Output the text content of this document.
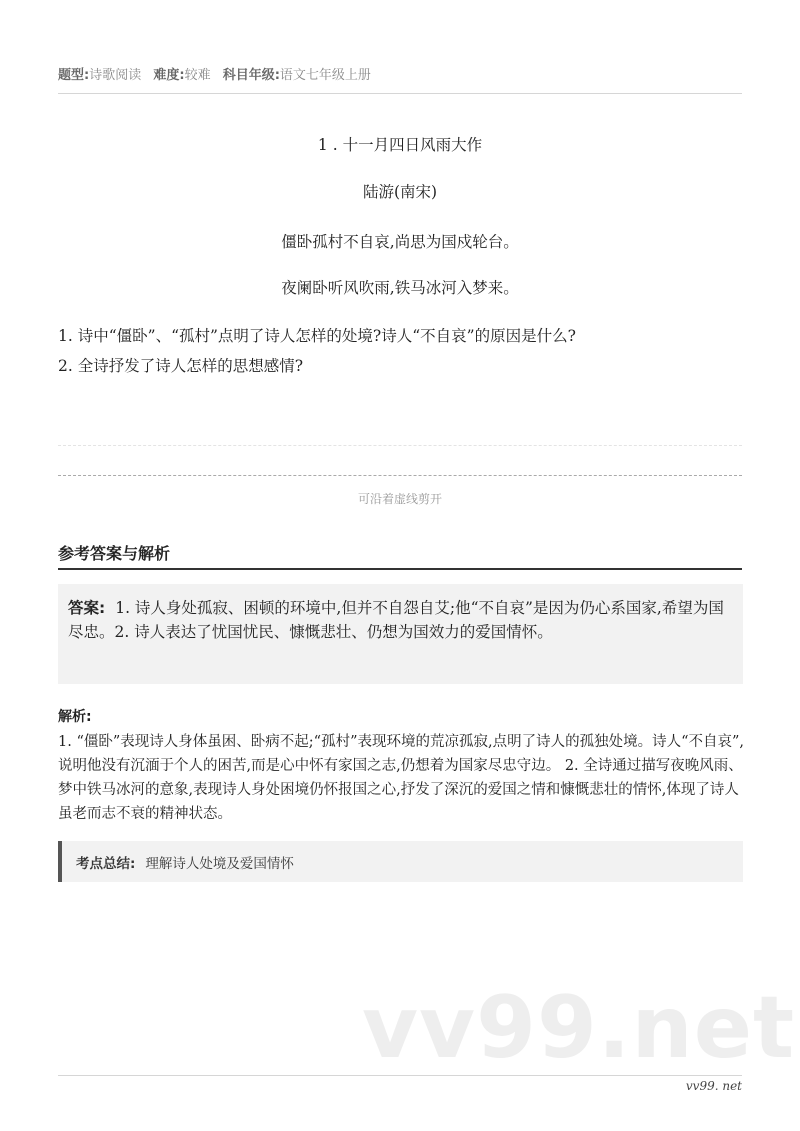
题型:诗歌阅读 难度:较难 科目年级:语文七年级上册
1 . 十一月四日风雨大作
陆游(南宋)
僵卧孤村不自哀,尚思为国戍轮台。
夜阑卧听风吹雨,铁马冰河入梦来。
1. 诗中“僵卧”、“孤村”点明了诗人怎样的处境?诗人“不自哀”的原因是什么?
2. 全诗抒发了诗人怎样的思想感情?
可沿着虚线剪开
参考答案与解析
答案: 1. 诗人身处孤寂、困顿的环境中,但并不自怨自艾;他“不自哀”是因为仍心系国家,希望为国尽忠。2. 诗人表达了忧国忧民、慷慨悲壮、仍想为国效力的爱国情怀。
解析:
1. “僵卧”表现诗人身体虽困、卧病不起;“孤村”表现环境的荒凉孤寂,点明了诗人的孤独处境。诗人“不自哀”,说明他没有沉湎于个人的困苦,而是心中怀有家国之志,仍想着为国家尽忠守边。 2. 全诗通过描写夜晚风雨、梦中铁马冰河的意象,表现诗人身处困境仍怀报国之心,抒发了深沉的爱国之情和慷慨悲壮的情怀,体现了诗人虽老而志不衰的精神状态。
考点总结: 理解诗人处境及爱国情怀
vv99.net
vv99. net
